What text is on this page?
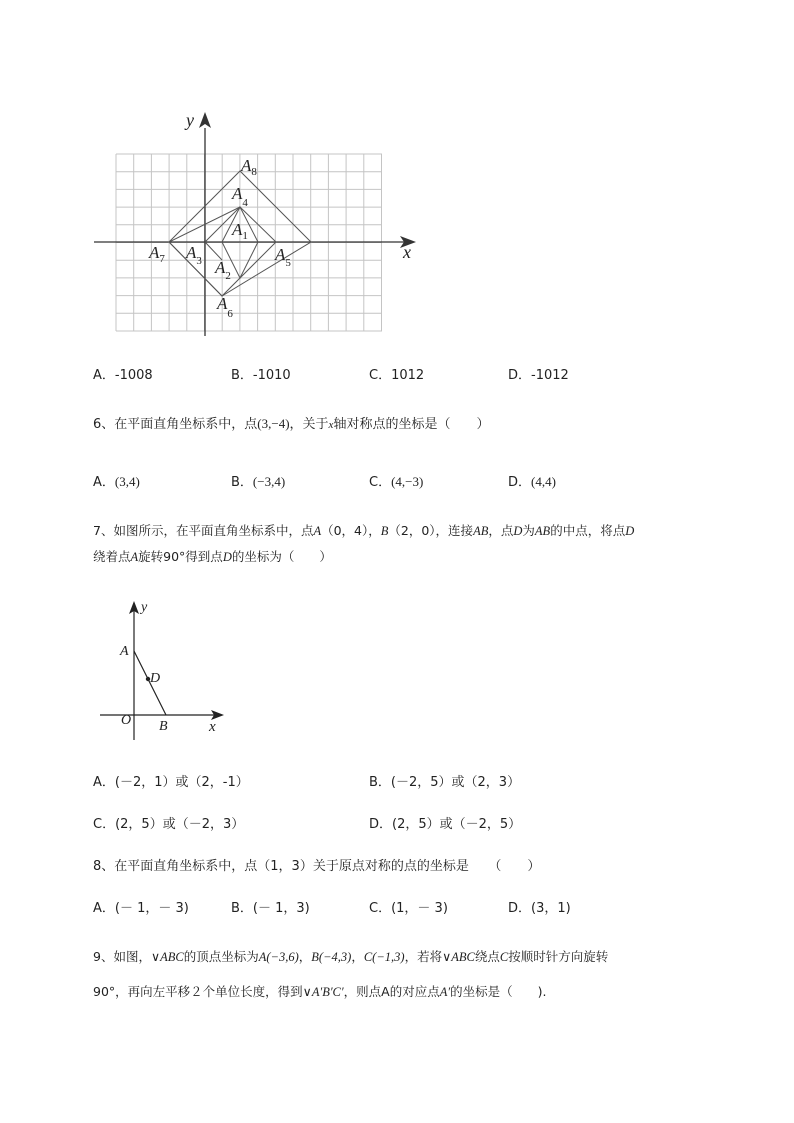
y
x
$A_8$
$A_4$
$A_1$
$A_7$ $A_3$ $A_2$
$A_5$
$A_6$
A．-1008	B．-1010	C．1012	D．-1012
6、在平面直角坐标系中，点(3,−4)，关于x轴对称点的坐标是（　　）
A．(3,4)	B．(−3,4)	C．(4,−3)	D．(4,4)
7、如图所示，在平面直角坐标系中，点A（0，4），B（2，0），连接AB，点D为AB的中点，将点D
绕着点A旋转90°得到点D的坐标为（　　）
y
x
A
D
O B
A．(－2，1）或（2，-1）	B．(－2，5）或（2，3）
C．(2，5）或（－2，3）	D．(2，5）或（－2，5）
8、在平面直角坐标系中，点（1，3）关于原点对称的点的坐标是　　（　　）
A．(－ 1，－ 3)	B．(－ 1，3)	C．(1，－ 3)	D．(3，1)
9、如图，∨ABC的顶点坐标为A(−3,6)，B(−4,3)，C(−1,3)，若将∨ABC绕点C按顺时针方向旋转
90°，再向左平移２个单位长度，得到∨A′B′C′，则点A的对应点A′的坐标是（　　).
